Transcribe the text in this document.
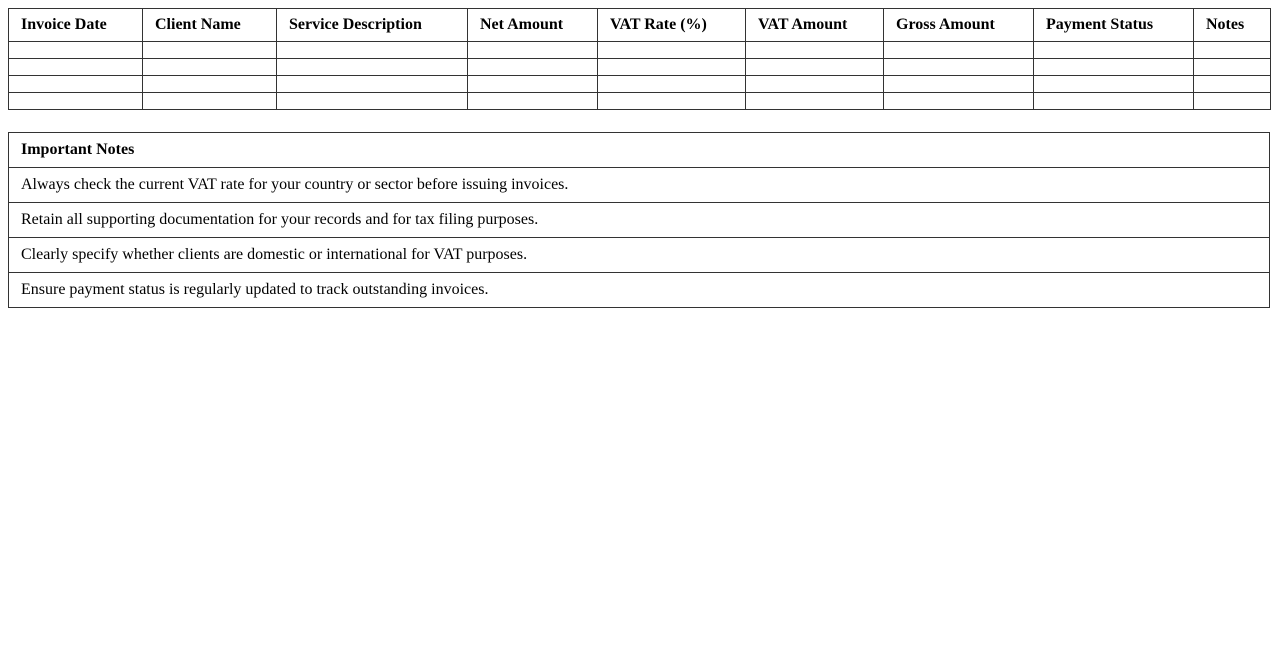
Invoice Date	Client Name	Service Description	Net Amount	VAT Rate (%)	VAT Amount	Gross Amount	Payment Status	Notes

Important Notes
Always check the current VAT rate for your country or sector before issuing invoices.
Retain all supporting documentation for your records and for tax filing purposes.
Clearly specify whether clients are domestic or international for VAT purposes.
Ensure payment status is regularly updated to track outstanding invoices.
